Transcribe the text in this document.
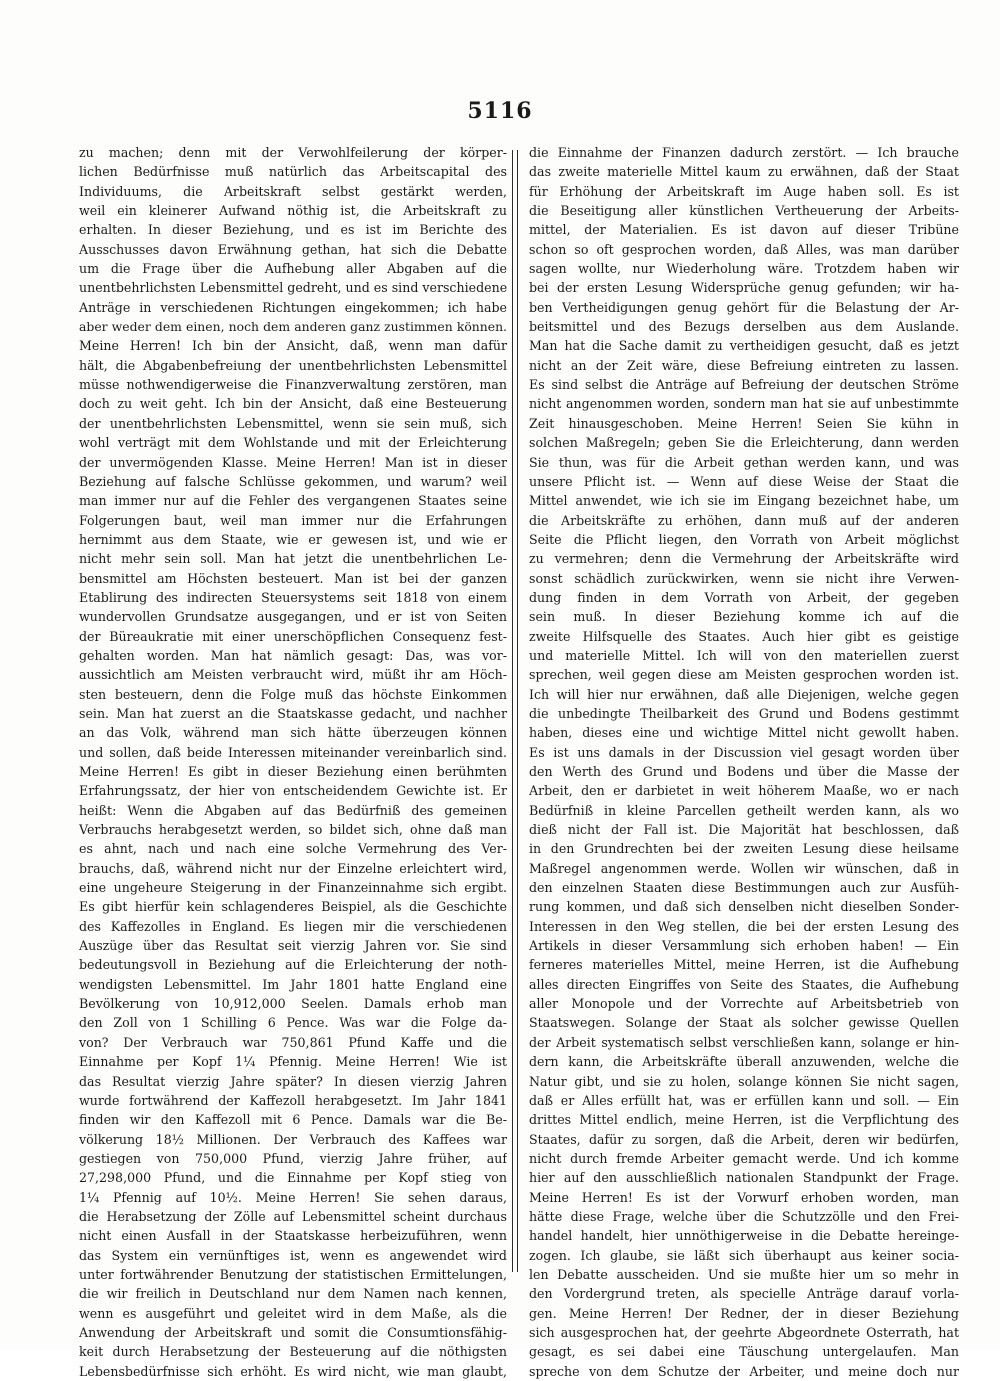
5116
zu machen; denn mit der Verwohlfeilerung der körper-
lichen Bedürfnisse muß natürlich das Arbeitscapital des
Individuums, die Arbeitskraft selbst gestärkt werden,
weil ein kleinerer Aufwand nöthig ist, die Arbeitskraft zu
erhalten. In dieser Beziehung, und es ist im Berichte des
Ausschusses davon Erwähnung gethan, hat sich die Debatte
um die Frage über die Aufhebung aller Abgaben auf die
unentbehrlichsten Lebensmittel gedreht, und es sind verschiedene
Anträge in verschiedenen Richtungen eingekommen; ich habe
aber weder dem einen, noch dem anderen ganz zustimmen können.
Meine Herren! Ich bin der Ansicht, daß, wenn man dafür
hält, die Abgabenbefreiung der unentbehrlichsten Lebensmittel
müsse nothwendigerweise die Finanzverwaltung zerstören, man
doch zu weit geht. Ich bin der Ansicht, daß eine Besteuerung
der unentbehrlichsten Lebensmittel, wenn sie sein muß, sich
wohl verträgt mit dem Wohlstande und mit der Erleichterung
der unvermögenden Klasse. Meine Herren! Man ist in dieser
Beziehung auf falsche Schlüsse gekommen, und warum? weil
man immer nur auf die Fehler des vergangenen Staates seine
Folgerungen baut, weil man immer nur die Erfahrungen
hernimmt aus dem Staate, wie er gewesen ist, und wie er
nicht mehr sein soll. Man hat jetzt die unentbehrlichen Le-
bensmittel am Höchsten besteuert. Man ist bei der ganzen
Etablirung des indirecten Steuersystems seit 1818 von einem
wundervollen Grundsatze ausgegangen, und er ist von Seiten
der Büreaukratie mit einer unerschöpflichen Consequenz fest-
gehalten worden. Man hat nämlich gesagt: Das, was vor-
aussichtlich am Meisten verbraucht wird, müßt ihr am Höch-
sten besteuern, denn die Folge muß das höchste Einkommen
sein. Man hat zuerst an die Staatskasse gedacht, und nachher
an das Volk, während man sich hätte überzeugen können
und sollen, daß beide Interessen miteinander vereinbarlich sind.
Meine Herren! Es gibt in dieser Beziehung einen berühmten
Erfahrungssatz, der hier von entscheidendem Gewichte ist. Er
heißt: Wenn die Abgaben auf das Bedürfniß des gemeinen
Verbrauchs herabgesetzt werden, so bildet sich, ohne daß man
es ahnt, nach und nach eine solche Vermehrung des Ver-
brauchs, daß, während nicht nur der Einzelne erleichtert wird,
eine ungeheure Steigerung in der Finanzeinnahme sich ergibt.
Es gibt hierfür kein schlagenderes Beispiel, als die Geschichte
des Kaffezolles in England. Es liegen mir die verschiedenen
Auszüge über das Resultat seit vierzig Jahren vor. Sie sind
bedeutungsvoll in Beziehung auf die Erleichterung der noth-
wendigsten Lebensmittel. Im Jahr 1801 hatte England eine
Bevölkerung von 10,912,000 Seelen. Damals erhob man
den Zoll von 1 Schilling 6 Pence. Was war die Folge da-
von? Der Verbrauch war 750,861 Pfund Kaffe und die
Einnahme per Kopf 1¼ Pfennig. Meine Herren! Wie ist
das Resultat vierzig Jahre später? In diesen vierzig Jahren
wurde fortwährend der Kaffezoll herabgesetzt. Im Jahr 1841
finden wir den Kaffezoll mit 6 Pence. Damals war die Be-
völkerung 18½ Millionen. Der Verbrauch des Kaffees war
gestiegen von 750,000 Pfund, vierzig Jahre früher, auf
27,298,000 Pfund, und die Einnahme per Kopf stieg von
1¼ Pfennig auf 10½. Meine Herren! Sie sehen daraus,
die Herabsetzung der Zölle auf Lebensmittel scheint durchaus
nicht einen Ausfall in der Staatskasse herbeizuführen, wenn
das System ein vernünftiges ist, wenn es angewendet wird
unter fortwährender Benutzung der statistischen Ermittelungen,
die wir freilich in Deutschland nur dem Namen nach kennen,
wenn es ausgeführt und geleitet wird in dem Maße, als die
Anwendung der Arbeitskraft und somit die Consumtionsfähig-
keit durch Herabsetzung der Besteuerung auf die nöthigsten
Lebensbedürfnisse sich erhöht. Es wird nicht, wie man glaubt,
die Einnahme der Finanzen dadurch zerstört. — Ich brauche
das zweite materielle Mittel kaum zu erwähnen, daß der Staat
für Erhöhung der Arbeitskraft im Auge haben soll. Es ist
die Beseitigung aller künstlichen Vertheuerung der Arbeits-
mittel, der Materialien. Es ist davon auf dieser Tribüne
schon so oft gesprochen worden, daß Alles, was man darüber
sagen wollte, nur Wiederholung wäre. Trotzdem haben wir
bei der ersten Lesung Widersprüche genug gefunden; wir ha-
ben Vertheidigungen genug gehört für die Belastung der Ar-
beitsmittel und des Bezugs derselben aus dem Auslande.
Man hat die Sache damit zu vertheidigen gesucht, daß es jetzt
nicht an der Zeit wäre, diese Befreiung eintreten zu lassen.
Es sind selbst die Anträge auf Befreiung der deutschen Ströme
nicht angenommen worden, sondern man hat sie auf unbestimmte
Zeit hinausgeschoben. Meine Herren! Seien Sie kühn in
solchen Maßregeln; geben Sie die Erleichterung, dann werden
Sie thun, was für die Arbeit gethan werden kann, und was
unsere Pflicht ist. — Wenn auf diese Weise der Staat die
Mittel anwendet, wie ich sie im Eingang bezeichnet habe, um
die Arbeitskräfte zu erhöhen, dann muß auf der anderen
Seite die Pflicht liegen, den Vorrath von Arbeit möglichst
zu vermehren; denn die Vermehrung der Arbeitskräfte wird
sonst schädlich zurückwirken, wenn sie nicht ihre Verwen-
dung finden in dem Vorrath von Arbeit, der gegeben
sein muß. In dieser Beziehung komme ich auf die
zweite Hilfsquelle des Staates. Auch hier gibt es geistige
und materielle Mittel. Ich will von den materiellen zuerst
sprechen, weil gegen diese am Meisten gesprochen worden ist.
Ich will hier nur erwähnen, daß alle Diejenigen, welche gegen
die unbedingte Theilbarkeit des Grund und Bodens gestimmt
haben, dieses eine und wichtige Mittel nicht gewollt haben.
Es ist uns damals in der Discussion viel gesagt worden über
den Werth des Grund und Bodens und über die Masse der
Arbeit, den er darbietet in weit höherem Maaße, wo er nach
Bedürfniß in kleine Parcellen getheilt werden kann, als wo
dieß nicht der Fall ist. Die Majorität hat beschlossen, daß
in den Grundrechten bei der zweiten Lesung diese heilsame
Maßregel angenommen werde. Wollen wir wünschen, daß in
den einzelnen Staaten diese Bestimmungen auch zur Ausfüh-
rung kommen, und daß sich denselben nicht dieselben Sonder-
Interessen in den Weg stellen, die bei der ersten Lesung des
Artikels in dieser Versammlung sich erhoben haben! — Ein
ferneres materielles Mittel, meine Herren, ist die Aufhebung
alles directen Eingriffes von Seite des Staates, die Aufhebung
aller Monopole und der Vorrechte auf Arbeitsbetrieb von
Staatswegen. Solange der Staat als solcher gewisse Quellen
der Arbeit systematisch selbst verschließen kann, solange er hin-
dern kann, die Arbeitskräfte überall anzuwenden, welche die
Natur gibt, und sie zu holen, solange können Sie nicht sagen,
daß er Alles erfüllt hat, was er erfüllen kann und soll. — Ein
drittes Mittel endlich, meine Herren, ist die Verpflichtung des
Staates, dafür zu sorgen, daß die Arbeit, deren wir bedürfen,
nicht durch fremde Arbeiter gemacht werde. Und ich komme
hier auf den ausschließlich nationalen Standpunkt der Frage.
Meine Herren! Es ist der Vorwurf erhoben worden, man
hätte diese Frage, welche über die Schutzzölle und den Frei-
handel handelt, hier unnöthigerweise in die Debatte hereinge-
zogen. Ich glaube, sie läßt sich überhaupt aus keiner socia-
len Debatte ausscheiden. Und sie mußte hier um so mehr in
den Vordergrund treten, als specielle Anträge darauf vorla-
gen. Meine Herren! Der Redner, der in dieser Beziehung
sich ausgesprochen hat, der geehrte Abgeordnete Osterrath, hat
gesagt, es sei dabei eine Täuschung untergelaufen. Man
spreche von dem Schutze der Arbeiter, und meine doch nur
